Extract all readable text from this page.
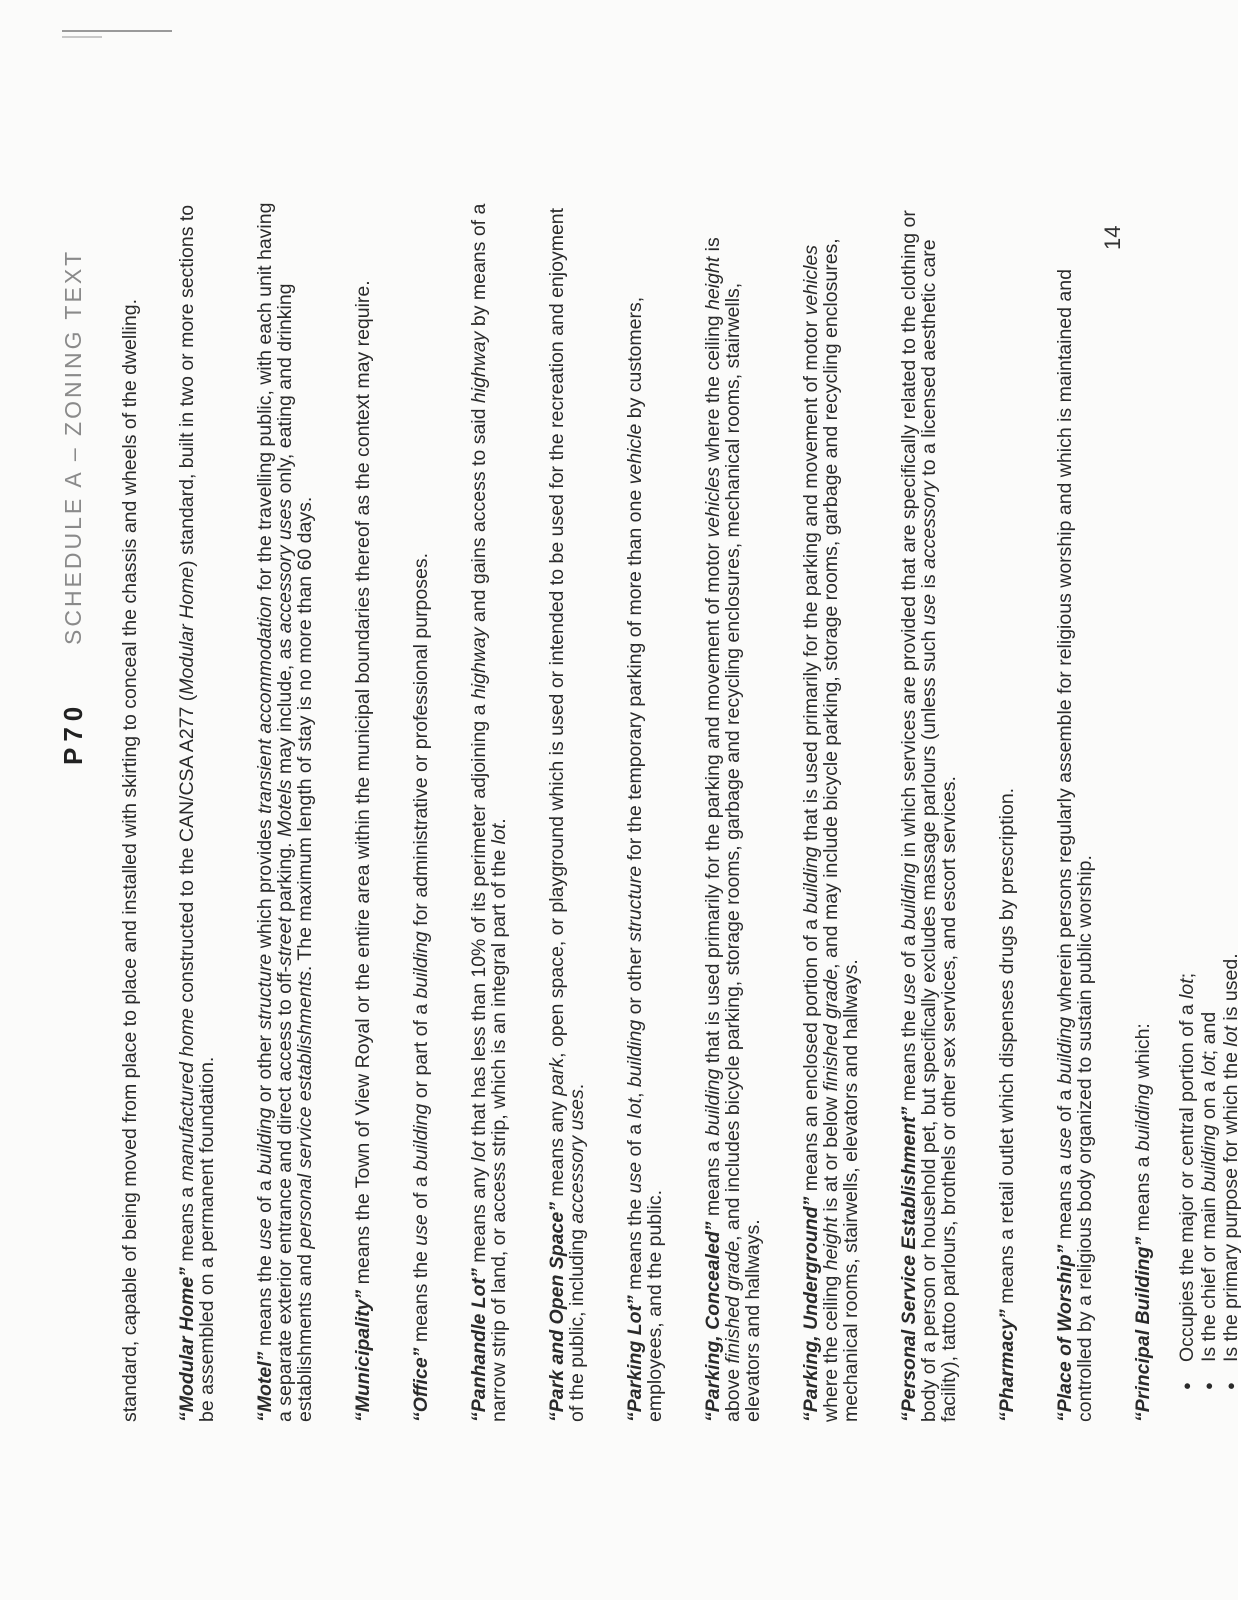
P70
SCHEDULE A – ZONING TEXT standard, capable of being moved from place to place and installed with skirting to conceal the chassis and wheels of the dwelling. “Modular Home” means a manufactured home constructed to the CAN/CSA A277 (Modular Home) standard, built in two or more sections to be assembled on a permanent foundation. “Motel” means the use of a building or other structure which provides transient accommodation for the travelling public, with each unit having a separate exterior entrance and direct access to off-street parking. Motels may include, as accessory uses only, eating and drinking establishments and personal service establishments. The maximum length of stay is no more than 60 days.

“Municipality” means the Town of View Royal or the entire area within the municipal boundaries thereof as the context may require.

“Office” means the use of a building or part of a building for administrative or professional purposes.

“Panhandle Lot” means any lot that has less than 10% of its perimeter adjoining a highway and gains access to said highway by means of a narrow strip of land, or access strip, which is an integral part of the lot.

“Park and Open Space” means any park, open space, or playground which is used or intended to be used for the recreation and enjoyment of the public, including accessory uses.

“Parking Lot” means the use of a lot, building or other structure for the temporary parking of more than one vehicle by customers, employees, and the public. “Parking, Concealed” means a building that is used primarily for the parking and movement of motor vehicles where the ceiling height is above finished grade, and includes bicycle parking, storage rooms, garbage and recycling enclosures, mechanical rooms, stairwells, elevators and hallways. “Parking, Underground” means an enclosed portion of a building that is used primarily for the parking and movement of motor vehicles where the ceiling height is at or below finished grade, and may include bicycle parking, storage rooms, garbage and recycling enclosures, mechanical rooms, stairwells, elevators and hallways. “Personal Service Establishment” means the use of a building in which services are provided that are specifically related to the clothing or body of a person or household pet, but specifically excludes massage parlours (unless such use is accessory to a licensed aesthetic care facility), tattoo parlours, brothels or other sex services, and escort services. “Pharmacy” means a retail outlet which dispenses drugs by prescription.

“Place of Worship” means a use of a building wherein persons regularly assemble for religious worship and which is maintained and controlled by a religious body organized to sustain public worship. “Principal Building” means a building which:

● Occupies the major or central portion of a lot;
● Is the chief or main building on a lot; and
● Is the primary purpose for which the lot is used.
14
